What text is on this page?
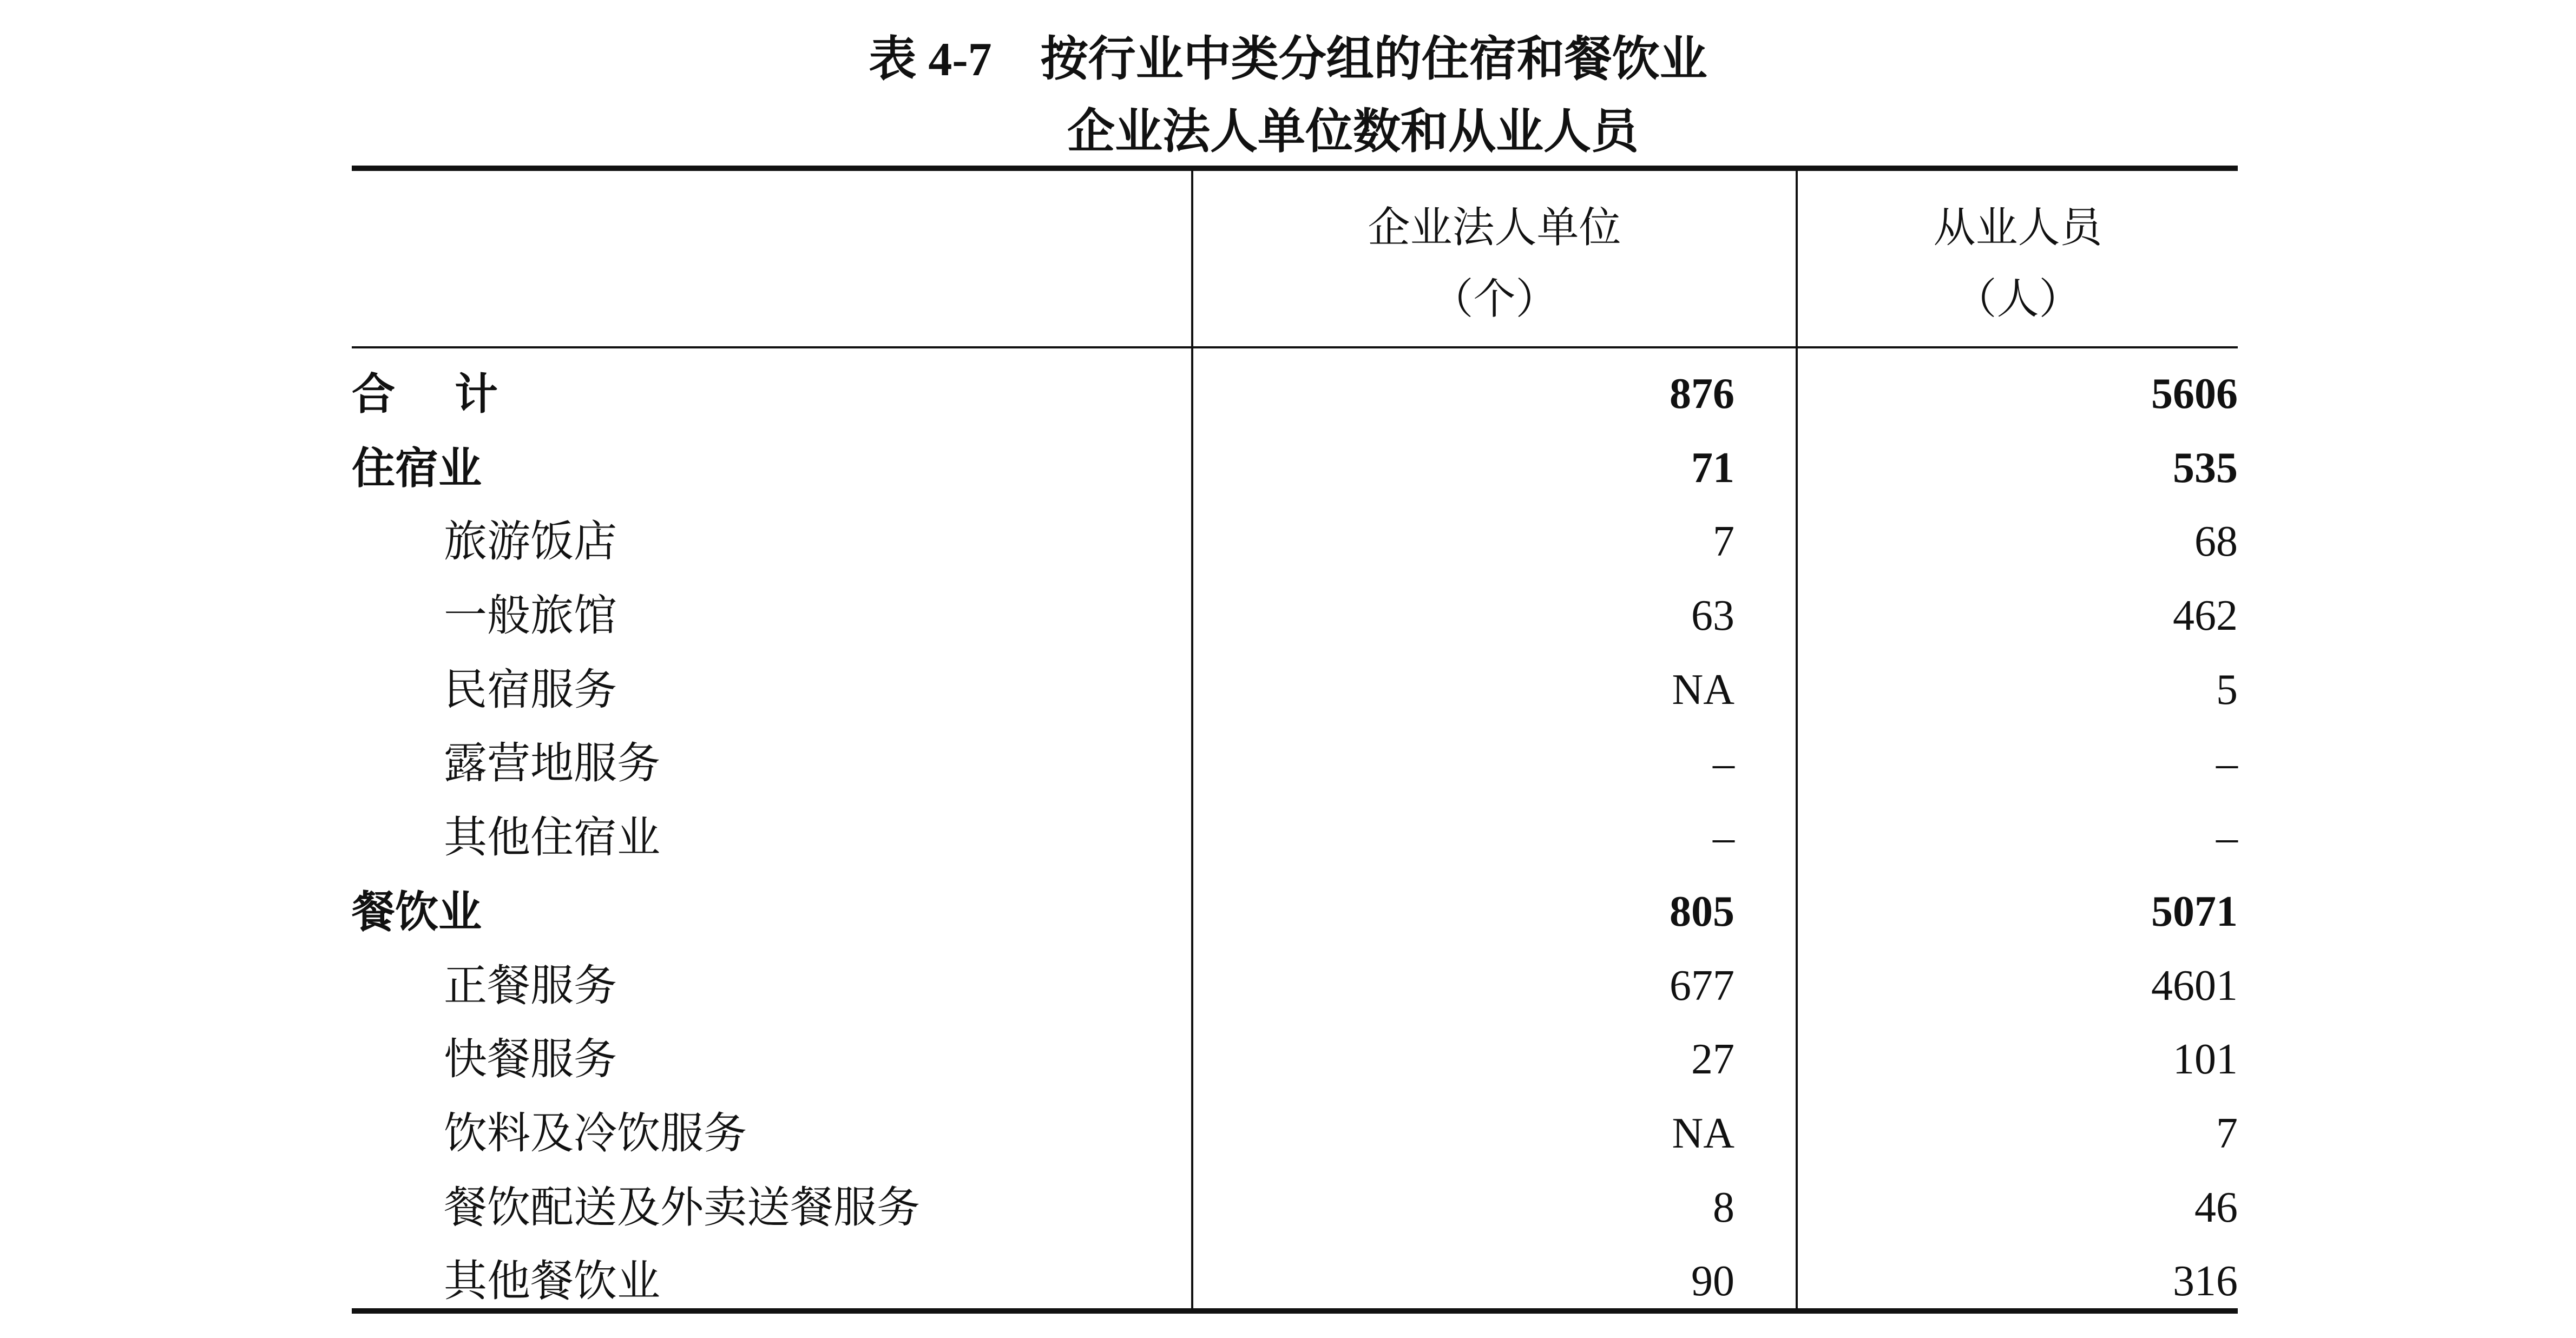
表 4-7 按行业中类分组的住宿和餐饮业
企业法人单位数和从业人员
企业法人单位
（个）
从业人员
（人）
合计	876	5606
住宿业	71	535
旅游饭店	7	68
一般旅馆	63	462
民宿服务	NA	5
露营地服务	–	–
其他住宿业	–	–
餐饮业	805	5071
正餐服务	677	4601
快餐服务	27	101
饮料及冷饮服务	NA	7
餐饮配送及外卖送餐服务	8	46
其他餐饮业	90	316
